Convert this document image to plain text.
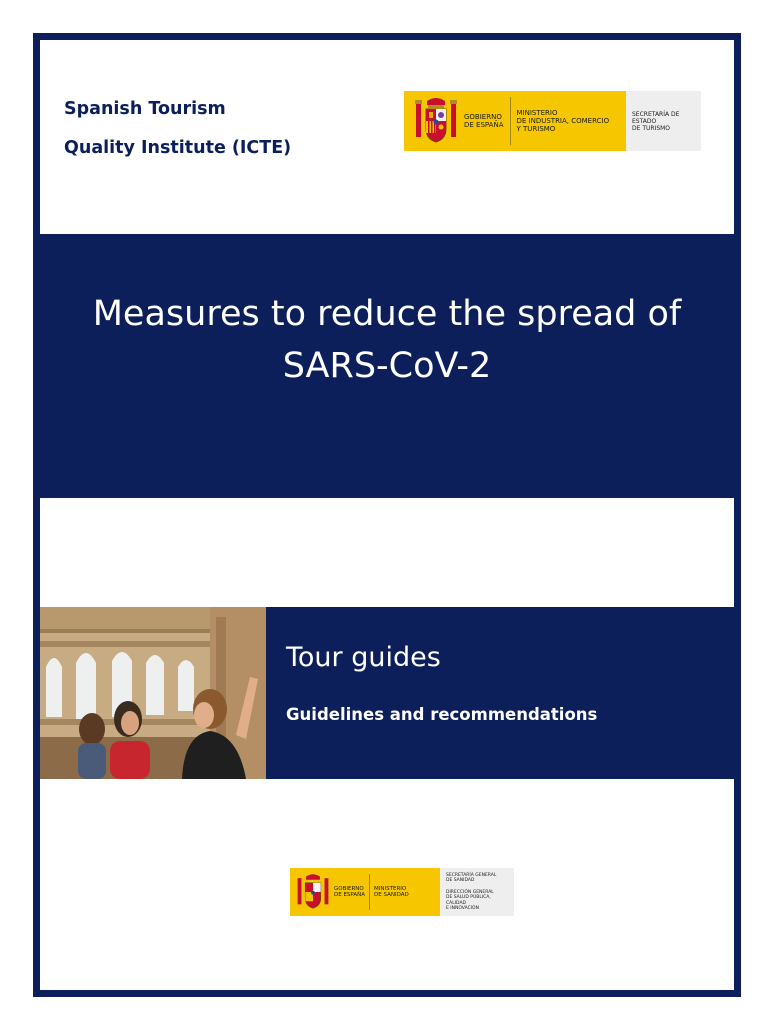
Spanish Tourism
Quality Institute (ICTE)
GOBIERNO
DE ESPAÑA
MINISTERIO
DE INDUSTRIA, COMERCIO
Y TURISMO
SECRETARÍA DE ESTADO
DE TURISMO
Measures to reduce the spread of
SARS-CoV-2
Tour guides
Guidelines and recommendations
GOBIERNO
DE ESPAÑA
MINISTERIO
DE SANIDAD
SECRETARÍA GENERAL
DE SANIDAD
DIRECCIÓN GENERAL
DE SALUD PÚBLICA, CALIDAD
E INNOVACIÓN
